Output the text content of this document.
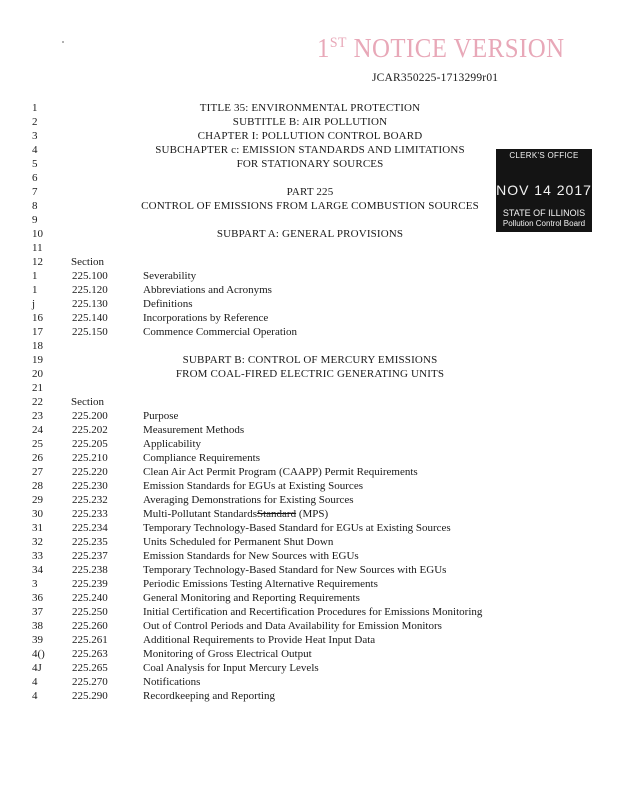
1ST NOTICE VERSION
JCAR350225-1713299r01
CLERK'S OFFICE
NOV 14 2017
STATE OF ILLINOIS
Pollution Control Board
1	TITLE 35: ENVIRONMENTAL PROTECTION
2	SUBTITLE B: AIR POLLUTION
3	CHAPTER I: POLLUTION CONTROL BOARD
4	SUBCHAPTER c: EMISSION STANDARDS AND LIMITATIONS
5	FOR STATIONARY SOURCES
6
7	PART 225
8	CONTROL OF EMISSIONS FROM LARGE COMBUSTION SOURCES
9
10	SUBPART A: GENERAL PROVISIONS
11
12	Section
1	225.100	Severability
1	225.120	Abbreviations and Acronyms
j	225.130	Definitions
16	225.140	Incorporations by Reference
17	225.150	Commence Commercial Operation
18
19	SUBPART B: CONTROL OF MERCURY EMISSIONS
20	FROM COAL-FIRED ELECTRIC GENERATING UNITS
21
22	Section
23	225.200	Purpose
24	225.202	Measurement Methods
25	225.205	Applicability
26	225.210	Compliance Requirements
27	225.220	Clean Air Act Permit Program (CAAPP) Permit Requirements
28	225.230	Emission Standards for EGUs at Existing Sources
29	225.232	Averaging Demonstrations for Existing Sources
30	225.233	Multi-Pollutant StandardsStandard (MPS)
31	225.234	Temporary Technology-Based Standard for EGUs at Existing Sources
32	225.235	Units Scheduled for Permanent Shut Down
33	225.237	Emission Standards for New Sources with EGUs
34	225.238	Temporary Technology-Based Standard for New Sources with EGUs
3	225.239	Periodic Emissions Testing Alternative Requirements
36	225.240	General Monitoring and Reporting Requirements
37	225.250	Initial Certification and Recertification Procedures for Emissions Monitoring
38	225.260	Out of Control Periods and Data Availability for Emission Monitors
39	225.261	Additional Requirements to Provide Heat Input Data
4()	225.263	Monitoring of Gross Electrical Output
4J	225.265	Coal Analysis for Input Mercury Levels
4	225.270	Notifications
4	225.290	Recordkeeping and Reporting
